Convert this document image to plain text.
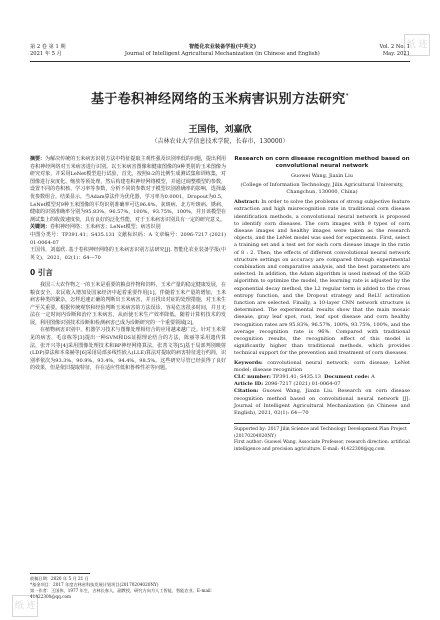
纸 迹
纸 迹
第 2 卷 第 1 期	智能化农业装备学报(中英文)	Vol. 2 No. 1
2021 年 5 月	Journal of Intelligent Agricultural Mechanization (in Chinese and English)	May. 2021
基于卷积神经网络的玉米病害识别方法研究*
王国伟，刘嘉欣
（吉林农业大学信息技术学院，长春市，130000）

摘要：为解决传统的玉米病害识别方法中特征提取主观性强及识别率低的问题，提出利用卷积神经网络对玉米病害进行识别。以玉米病害图像和健康图像的9种类别的玉米图像为研究对象，并采用LeNet模型进行试验，首先，按照8:2的比例生成测试集和训练集，对图像进行灰度化、缩放等预处理，然后构建卷积神经网络模型，并通过调整模型的参数，设置不同的卷积核、学习率等参数，分析不同的参数对于模型识别准确率的影响，选择最优参数组合。结果显示，当Adam算法作为优化器，学习率为0.0001，Dropout为0.5，LeNet模型对9种玉米图像的平均识别准确率可达96.8%，灰斑病、北方叶斑病、锈病、健康的识别准确率分别为95.83%，96.57%，100%，93.75%，100%，并且该模型在测试集上的收敛速度快，具有良好的泛化性能，对于玉米病害识别具有一定的研究意义。

关键词：卷积神经网络；玉米病害；LeNet模型；病害识别

中图分类号：TP391.41；S435.131 文献标识码：A 文章编号：2096-7217 (2021) 01-0064-07

王国伟，刘嘉欣. 基于卷积神经网络的玉米病害识别方法研究[J]. 智能化农业装备学报(中英文)，2021，02(1)：64—70

0 引言

我国三大农作物之一的玉米是重要的粮食作物和饲料，玉米产量的稳定健康发展，在粮食安全、农民收入增加及国家经济中起着重要作用[1]。伴随着玉米产量的增加，玉米病害种类的繁杂，怎样迅速正确的判断出玉米病害，并且找出对症的处理措施，对玉米生产至关重要。根据传统观察和经验判断玉米病害的方法误诊、容易危害很多时间，并且无法在一定时间内诊断和治疗玉米病害，从而使玉米生产效率降低。随着计算机技术的发展，利用图像识别技术诊断和检测病害已成为诊断研究的一个重要领域[2]。

在植物病害识别中，机器学习技术与图像处理相结合的应用越来越广泛。针对玉米常见的病害，毛彦栋等[3]提出一种SVM和DS证据理论结合的方法，陈丽等采用遗传算法，张开兴等[4]采用图像处理技术和BP神经网络算法，张善文等[5]基于局部判别映射(LDP)算法和本菜赫等[6]采用局部多线性嵌入(LLE)算法对提取的病害特征进行约简，识别率依次为93.3%，90.9%，93.4%，94.4%，98.5%。这些研究尽管已经获得了良好的效果，但是依旧提取特征，存在适应性低和鲁棒性差等问题。

收稿日期：2020 年 5 月 21 日
*基金项目：2017 年度吉林省科技发展计划项目(20170204020NY)
第一作者：王国伟，1977 年生，吉林长春人，副教授，研究方向为人工智能、智能农业。E-mail：41422300@qq.com
Research on corn disease recognition method based on convolutional neural network
Guowei Wang, Jiaxin Liu
(College of Information Technology, Jilin Agricultural University, Changchun, 130000, China)

Abstract: In order to solve the problems of strong subjective feature extraction and high misrecognition rate in traditional corn disease identification methods, a convolutional neural network is proposed to identify corn diseases. The corn images with 9 types of corn disease images and healthy images were taken as the research objects, and the LeNet model was used for experiments. First, select a training set and a test set for each corn disease image in the ratio of 8 : 2. Then, the effects of different convolutional neural network structure settings on accuracy are compared through experimental combination and comparative analysis, and the best parameters are selected. In addition, the Adam algorithm is used instead of the SGD algorithm to optimize the model, the learning rate is adjusted by the exponential decay method, the L2 regular term is added to the cross entropy function, and the Dropout strategy and ReLU activation function are selected. Finally, a 10-layer CNN network structure is determined. The experimental results show that the main mosaic disease, gray leaf spot, rust, leaf spot disease and corn healthy recognition rates are 95.83%, 96.57%, 100%, 93.75%, 100%, and the average recognition rate is 96%. Compared with traditional recognition results, the recognition effect of this model is significantly higher than traditional methods, which provides technical support for the prevention and treatment of corn diseases.

Keywords: convolutional neural network; corn disease; LeNet model; disease recognition

CLC number: TP391.41; S435.13 Document code: A

Article ID: 2096-7217 (2021) 01-0064-07

Citation: Guowei Wang, Jiaxin Liu. Research on corn disease recognition method based on convolutional neural network [J]. Journal of Intelligent Agricultural Mechanization (in Chinese and English), 2021, 02(1): 64—70

Supported by: 2017 Jilin Science and Technology Development Plan Project (20170204020NY)
First author: Guowei Wang, Associate Professor, research direction: artificial intelligence and precision agriculture. E-mail: 41422300@qq.com
